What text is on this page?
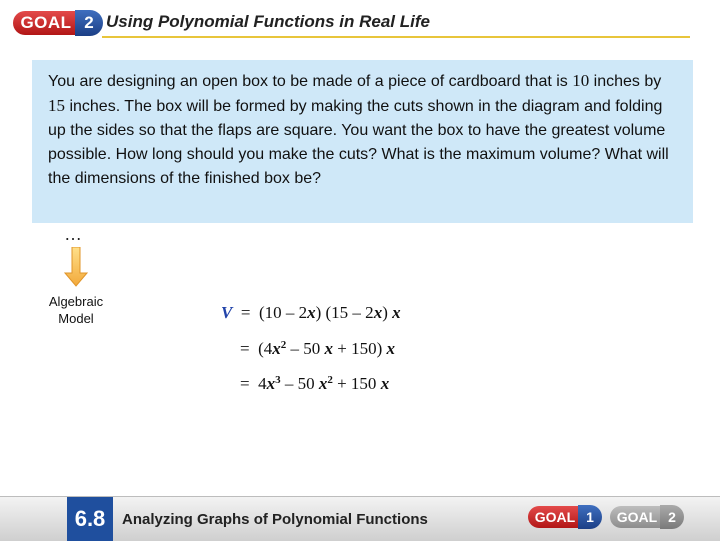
GOAL 2 Using Polynomial Functions in Real Life
You are designing an open box to be made of a piece of cardboard that is 10 inches by 15 inches. The box will be formed by making the cuts shown in the diagram and folding up the sides so that the flaps are square. You want the box to have the greatest volume possible. How long should you make the cuts? What is the maximum volume? What will the dimensions of the finished box be?
…
Algebraic Model	V = (10 – 2x) (15 – 2x) x
= ($4x^2 - 50$ x + 150) x
= $4x^3 - 50$ $x^2 + 150$ x
6.8	Analyzing Graphs of Polynomial Functions	GOAL 1	GOAL 2
